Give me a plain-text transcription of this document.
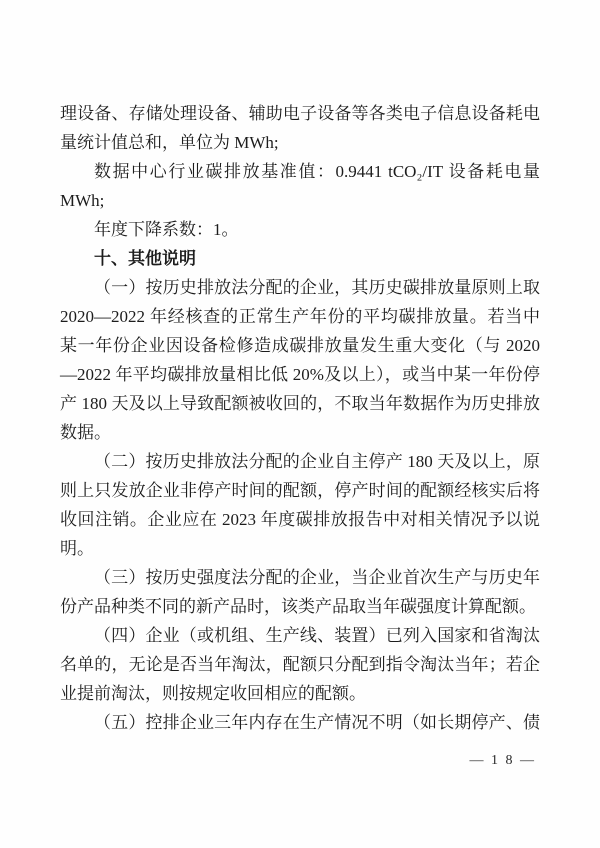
理设备、存储处理设备、辅助电子设备等各类电子信息设备耗电量统计值总和，单位为 MWh;

数据中心行业碳排放基准值：0.9441 tCO₂/IT 设备耗电量 MWh;

年度下降系数：1。

十、其他说明

（一）按历史排放法分配的企业，其历史碳排放量原则上取 2020—2022 年经核查的正常生产年份的平均碳排放量。若当中某一年份企业因设备检修造成碳排放量发生重大变化（与 2020—2022 年平均碳排放量相比低 20%及以上），或当中某一年份停产 180 天及以上导致配额被收回的，不取当年数据作为历史排放数据。

（二）按历史排放法分配的企业自主停产 180 天及以上，原则上只发放企业非停产时间的配额，停产时间的配额经核实后将收回注销。企业应在 2023 年度碳排放报告中对相关情况予以说明。

（三）按历史强度法分配的企业，当企业首次生产与历史年份产品种类不同的新产品时，该类产品取当年碳强度计算配额。

（四）企业（或机组、生产线、装置）已列入国家和省淘汰名单的，无论是否当年淘汰，配额只分配到指令淘汰当年；若企业提前淘汰，则按规定收回相应的配额。

（五）控排企业三年内存在生产情况不明（如长期停产、债

— 1 8 —
